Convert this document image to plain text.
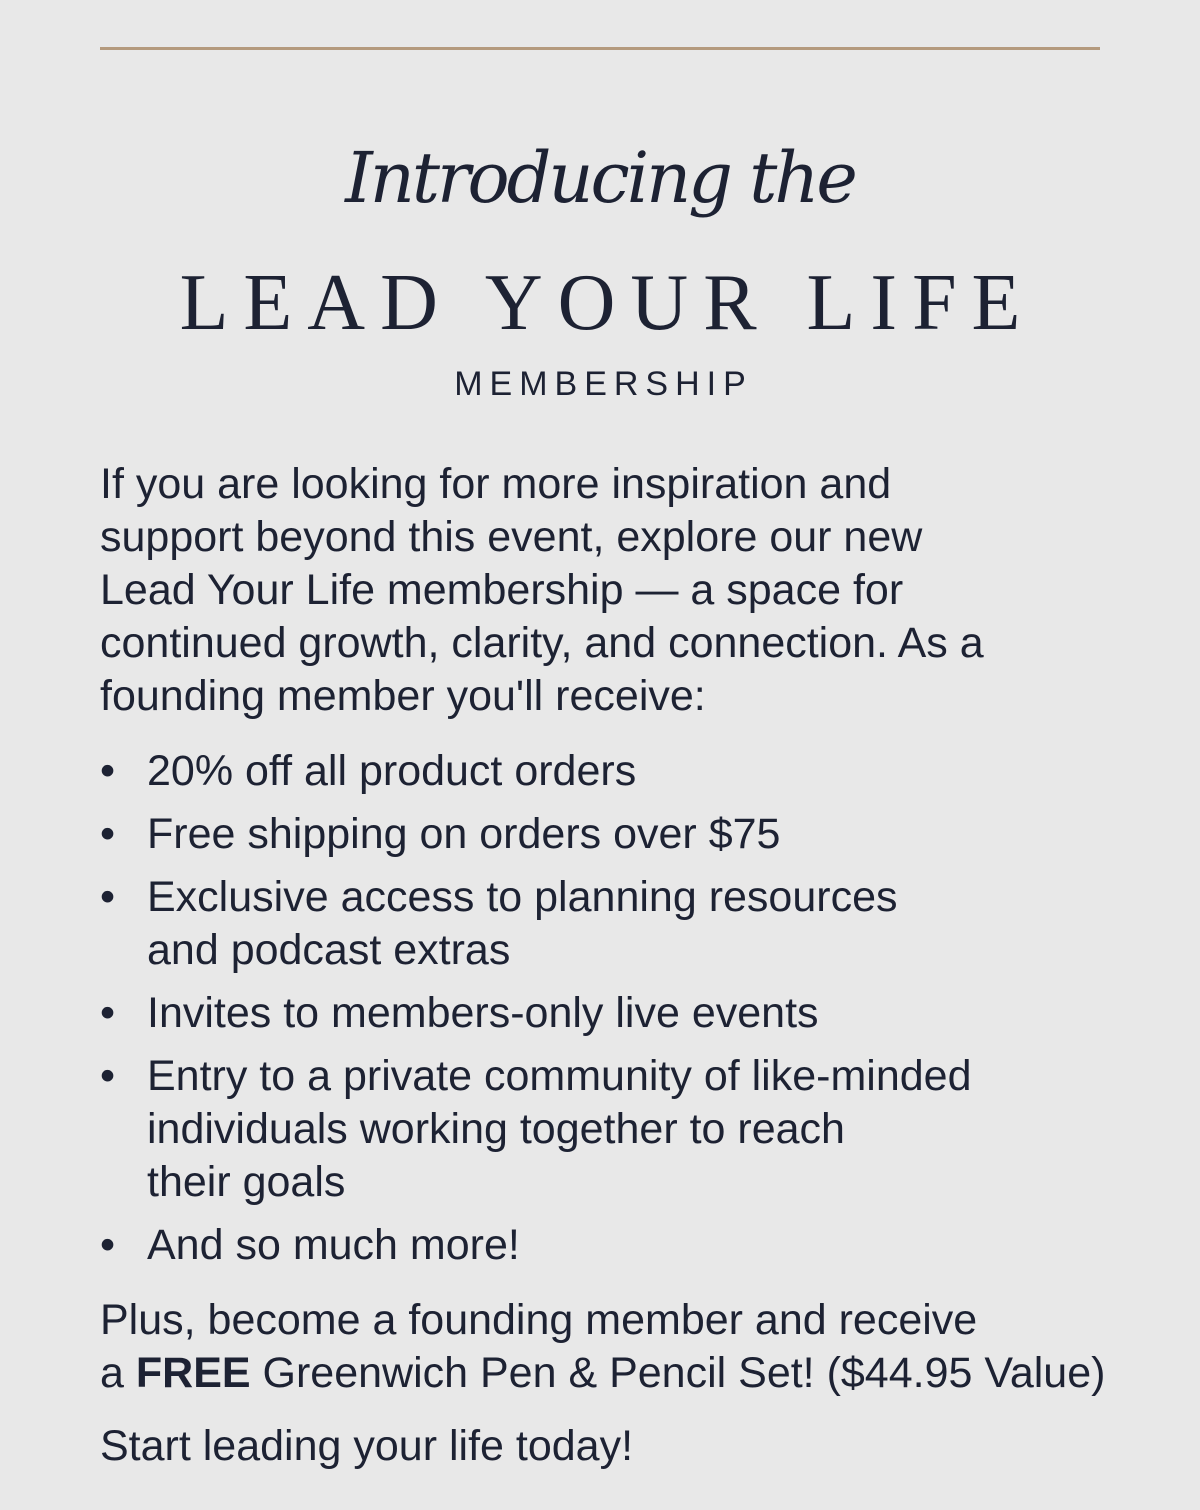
Introducing the
LEAD YOUR LIFE
MEMBERSHIP

If you are looking for more inspiration and
support beyond this event, explore our new
Lead Your Life membership — a space for
continued growth, clarity, and connection. As a
founding member you'll receive:

• 20% off all product orders
• Free shipping on orders over $75
• Exclusive access to planning resources
and podcast extras
• Invites to members-only live events
• Entry to a private community of like-minded
individuals working together to reach
their goals
• And so much more!

Plus, become a founding member and receive
a FREE Greenwich Pen & Pencil Set! ($44.95 Value)

Start leading your life today!
